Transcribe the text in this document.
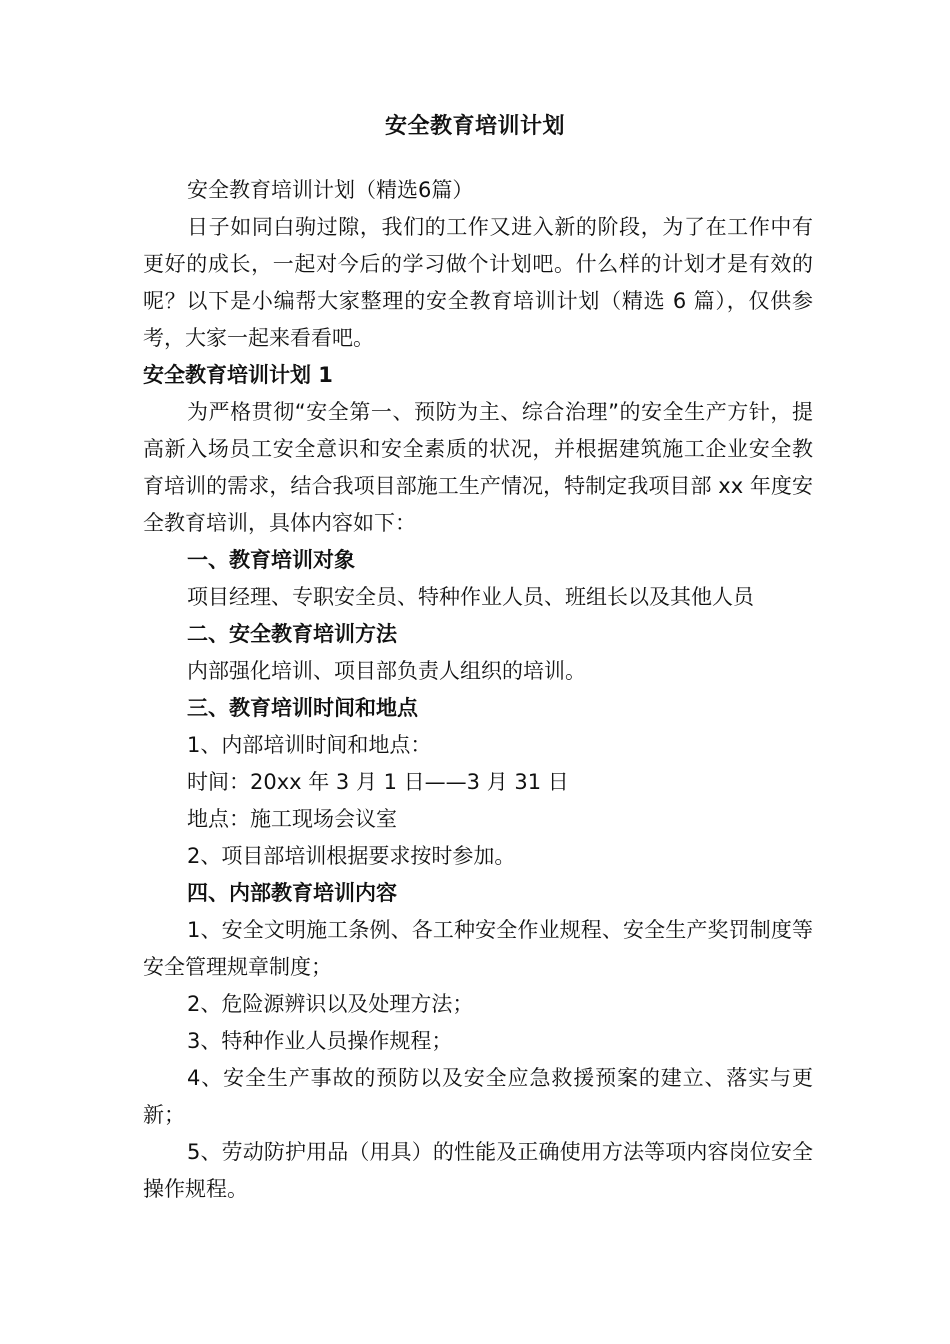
安全教育培训计划

安全教育培训计划（精选6篇）

日子如同白驹过隙，我们的工作又进入新的阶段，为了在工作中有更好的成长，一起对今后的学习做个计划吧。什么样的计划才是有效的呢？以下是小编帮大家整理的安全教育培训计划（精选 6 篇），仅供参考，大家一起来看看吧。

安全教育培训计划 1

为严格贯彻“安全第一、预防为主、综合治理”的安全生产方针，提高新入场员工安全意识和安全素质的状况，并根据建筑施工企业安全教育培训的需求，结合我项目部施工生产情况，特制定我项目部 xx 年度安全教育培训，具体内容如下：

一、教育培训对象

项目经理、专职安全员、特种作业人员、班组长以及其他人员

二、安全教育培训方法

内部强化培训、项目部负责人组织的培训。

三、教育培训时间和地点

1、内部培训时间和地点：

时间：20xx 年 3 月 1 日——3 月 31 日

地点：施工现场会议室

2、项目部培训根据要求按时参加。

四、内部教育培训内容

1、安全文明施工条例、各工种安全作业规程、安全生产奖罚制度等安全管理规章制度；

2、危险源辨识以及处理方法；

3、特种作业人员操作规程；

4、安全生产事故的预防以及安全应急救援预案的建立、落实与更新；

5、劳动防护用品（用具）的性能及正确使用方法等项内容岗位安全操作规程。
